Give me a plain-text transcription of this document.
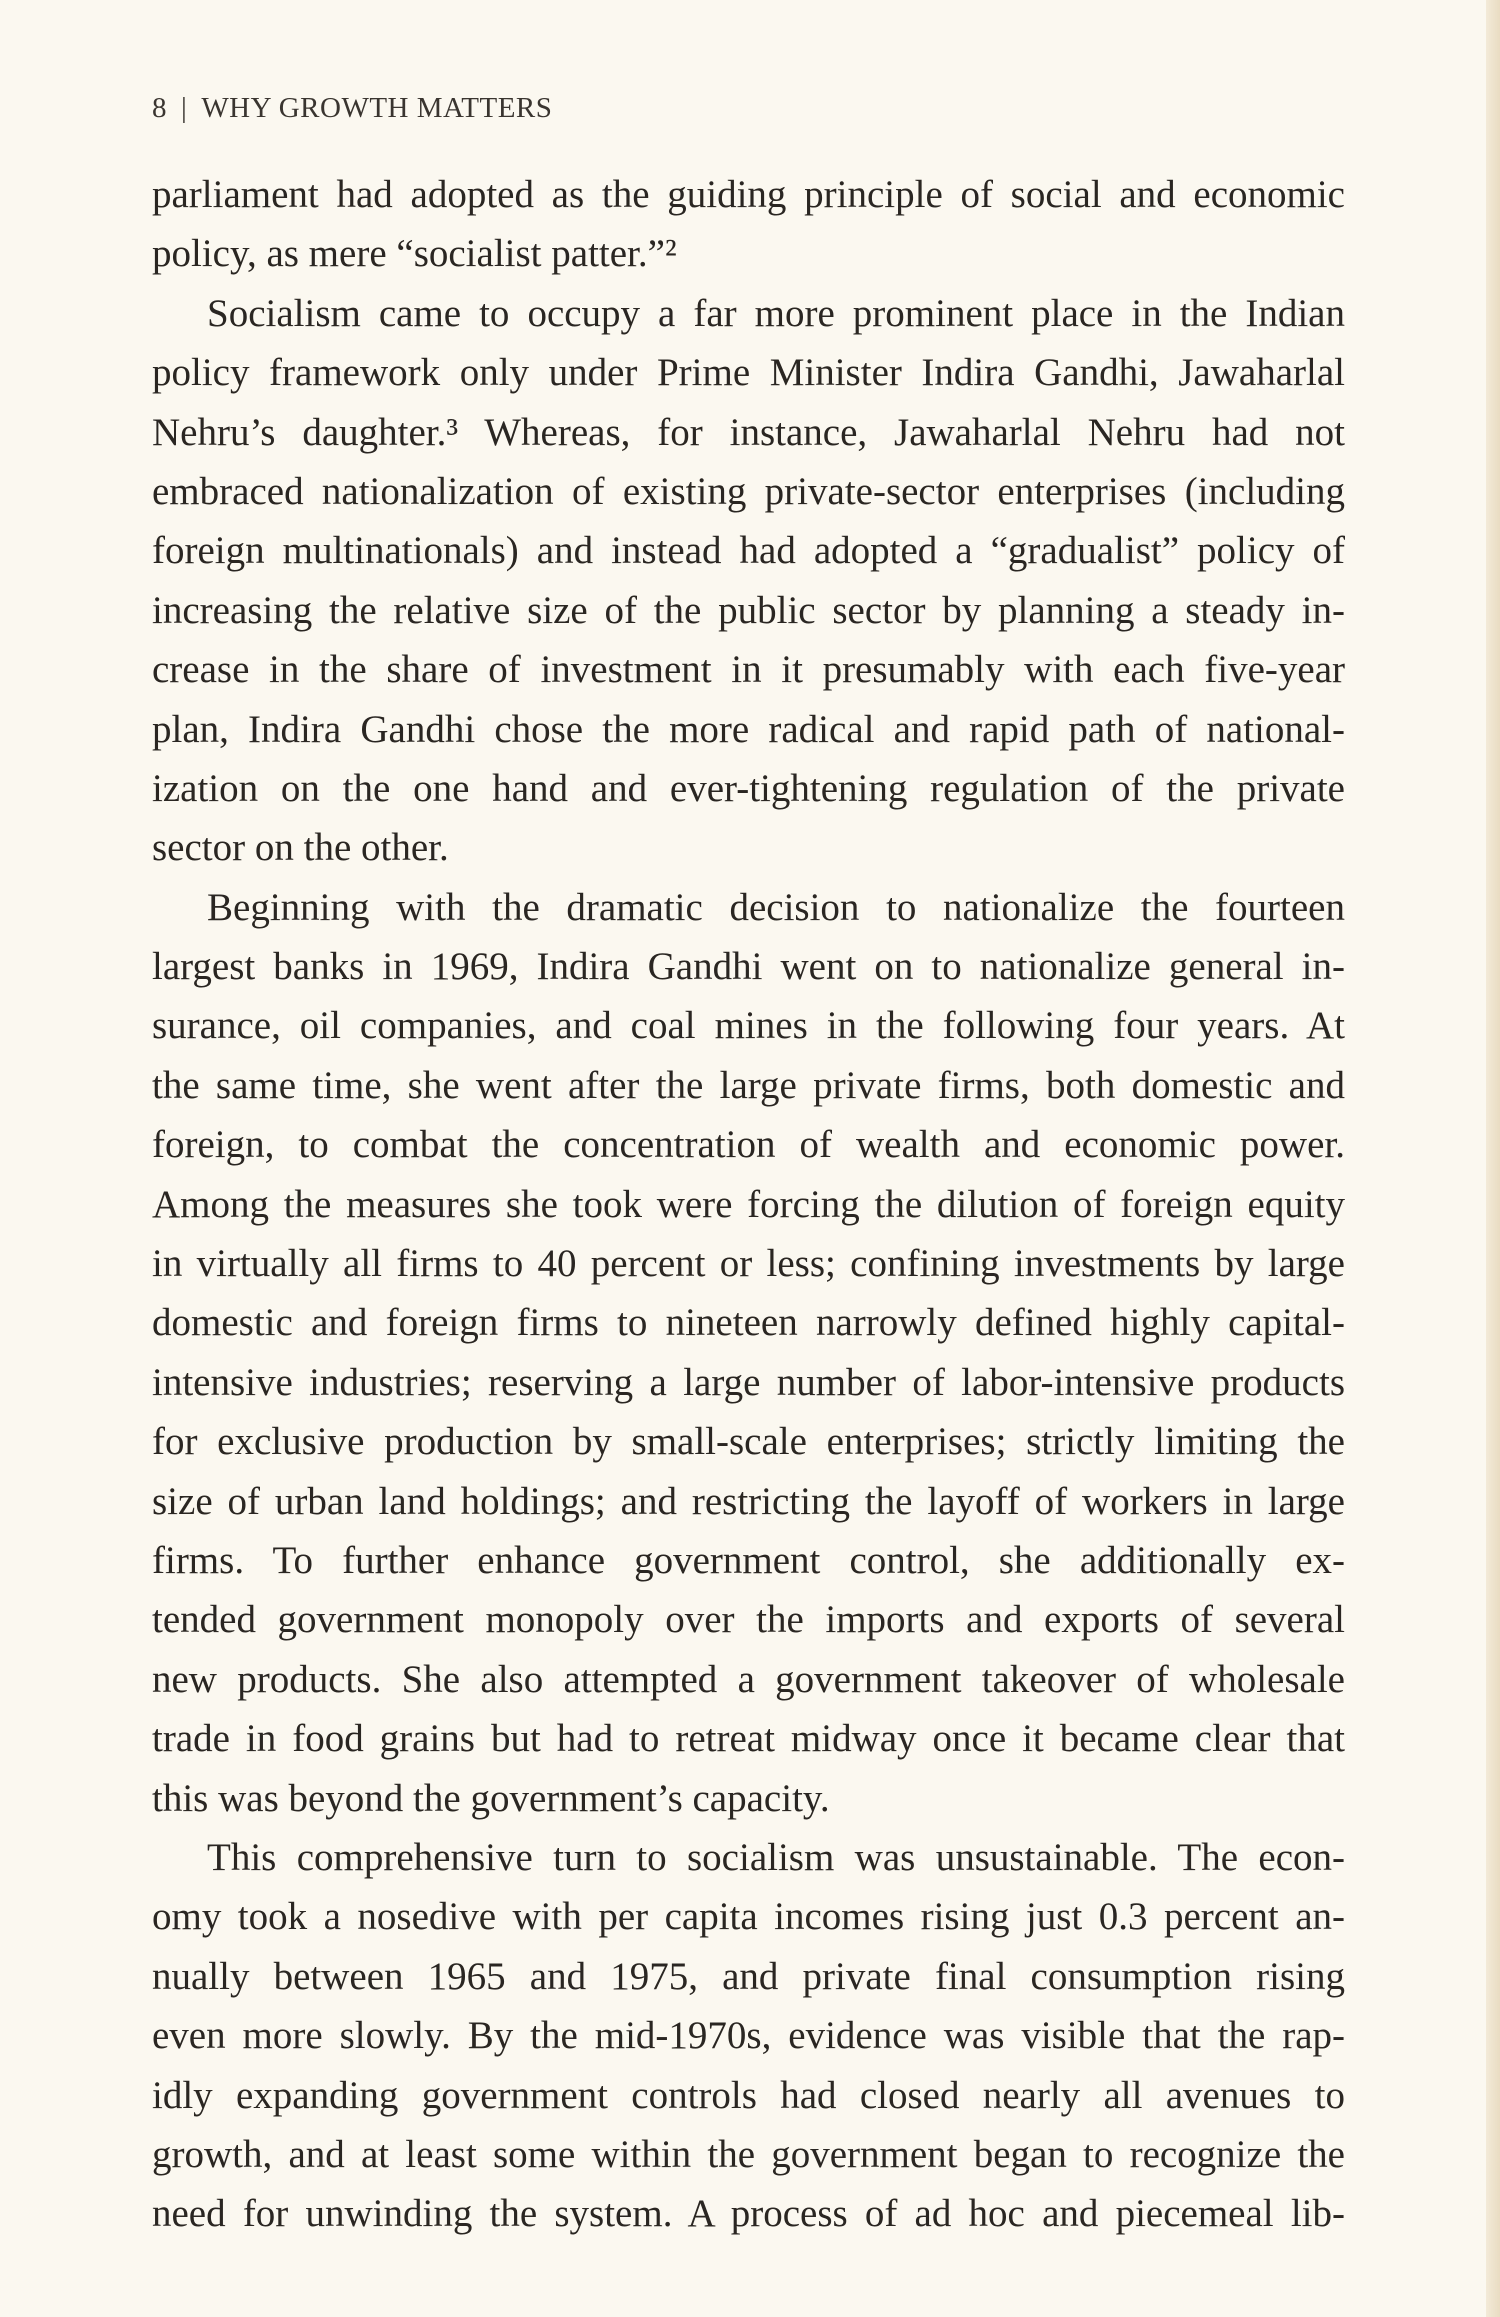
8 | WHY GROWTH MATTERS
parliament had adopted as the guiding principle of social and economic
policy, as mere “socialist patter.”²
Socialism came to occupy a far more prominent place in the Indian
policy framework only under Prime Minister Indira Gandhi, Jawaharlal
Nehru’s daughter.³ Whereas, for instance, Jawaharlal Nehru had not
embraced nationalization of existing private-sector enterprises (including
foreign multinationals) and instead had adopted a “gradualist” policy of
increasing the relative size of the public sector by planning a steady in-
crease in the share of investment in it presumably with each five-year
plan, Indira Gandhi chose the more radical and rapid path of national-
ization on the one hand and ever-tightening regulation of the private
sector on the other.
Beginning with the dramatic decision to nationalize the fourteen
largest banks in 1969, Indira Gandhi went on to nationalize general in-
surance, oil companies, and coal mines in the following four years. At
the same time, she went after the large private firms, both domestic and
foreign, to combat the concentration of wealth and economic power.
Among the measures she took were forcing the dilution of foreign equity
in virtually all firms to 40 percent or less; confining investments by large
domestic and foreign firms to nineteen narrowly defined highly capital-
intensive industries; reserving a large number of labor-intensive products
for exclusive production by small-scale enterprises; strictly limiting the
size of urban land holdings; and restricting the layoff of workers in large
firms. To further enhance government control, she additionally ex-
tended government monopoly over the imports and exports of several
new products. She also attempted a government takeover of wholesale
trade in food grains but had to retreat midway once it became clear that
this was beyond the government’s capacity.
This comprehensive turn to socialism was unsustainable. The econ-
omy took a nosedive with per capita incomes rising just 0.3 percent an-
nually between 1965 and 1975, and private final consumption rising
even more slowly. By the mid-1970s, evidence was visible that the rap-
idly expanding government controls had closed nearly all avenues to
growth, and at least some within the government began to recognize the
need for unwinding the system. A process of ad hoc and piecemeal lib-
